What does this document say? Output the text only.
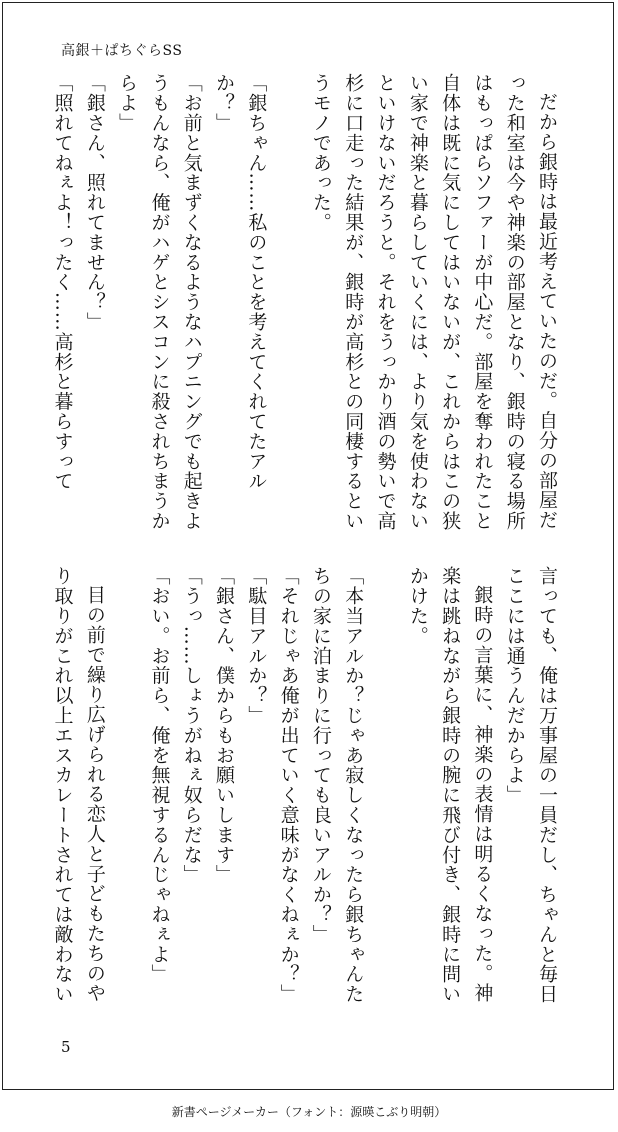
高銀＋ぱちぐらSS

だから銀時は最近考えていたのだ。自分の部屋だった和室は今や神楽の部屋となり、銀時の寝る場所はもっぱらソファーが中心だ。部屋を奪われたこと自体は既に気にしてはいないが、これからはこの狭い家で神楽と暮らしていくには、より気を使わないといけないだろうと。それをうっかり酒の勢いで高杉に口走った結果が、銀時が高杉との同棲するというモノであった。

「銀ちゃん……私のことを考えてくれてたアルか？」

「お前と気まずくなるようなハプニングでも起きようもんなら、俺がハゲとシスコンに殺されちまうからよ」

「銀さん、照れてません？」

「照れてねぇよ！ったく……高杉と暮らすって

言っても、俺は万事屋の一員だし、ちゃんと毎日ここには通うんだからよ」

銀時の言葉に、神楽の表情は明るくなった。神楽は跳ねながら銀時の腕に飛び付き、銀時に問いかけた。

「本当アルか？じゃあ寂しくなったら銀ちゃんたちの家に泊まりに行っても良いアルか？」

「それじゃあ俺が出ていく意味がなくねぇか？」

「駄目アルか？」

「銀さん、僕からもお願いします」

「うっ……しょうがねぇ奴らだな」

「おい。お前ら、俺を無視するんじゃねぇよ」

目の前で繰り広げられる恋人と子どもたちのやり取りがこれ以上エスカレートされては敵わない

5
新書ページメーカー（フォント：源暎こぶり明朝）
